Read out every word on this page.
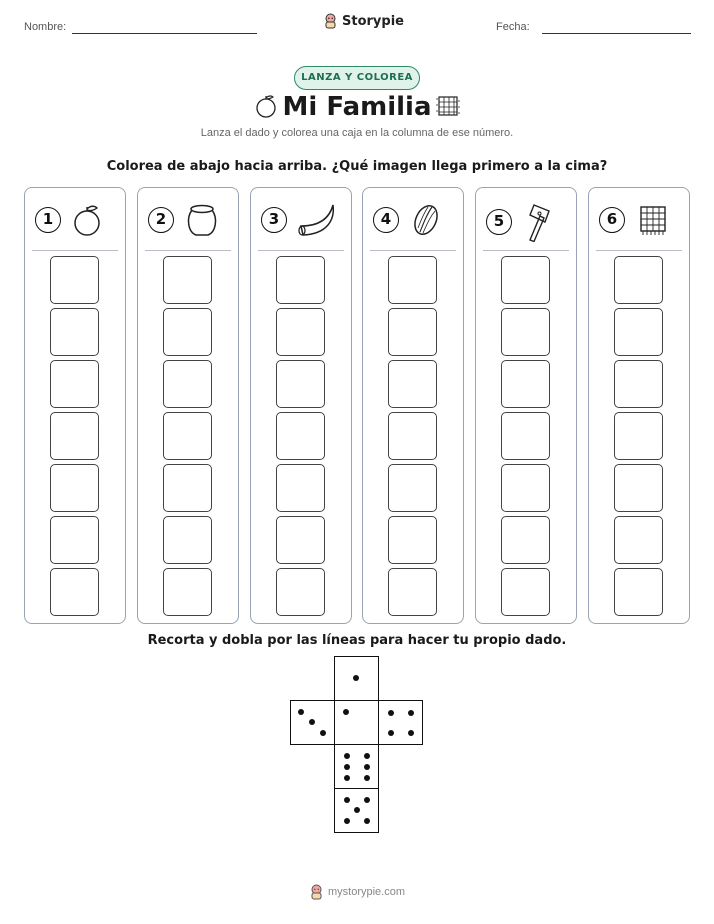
Nombre:	Storypie	Fecha:
LANZA Y COLOREA
Mi Familia
Lanza el dado y colorea una caja en la columna de ese número.
Colorea de abajo hacia arriba. ¿Qué imagen llega primero a la cima?
1	2	3	4	5	6
Recorta y dobla por las líneas para hacer tu propio dado.
mystorypie.com
